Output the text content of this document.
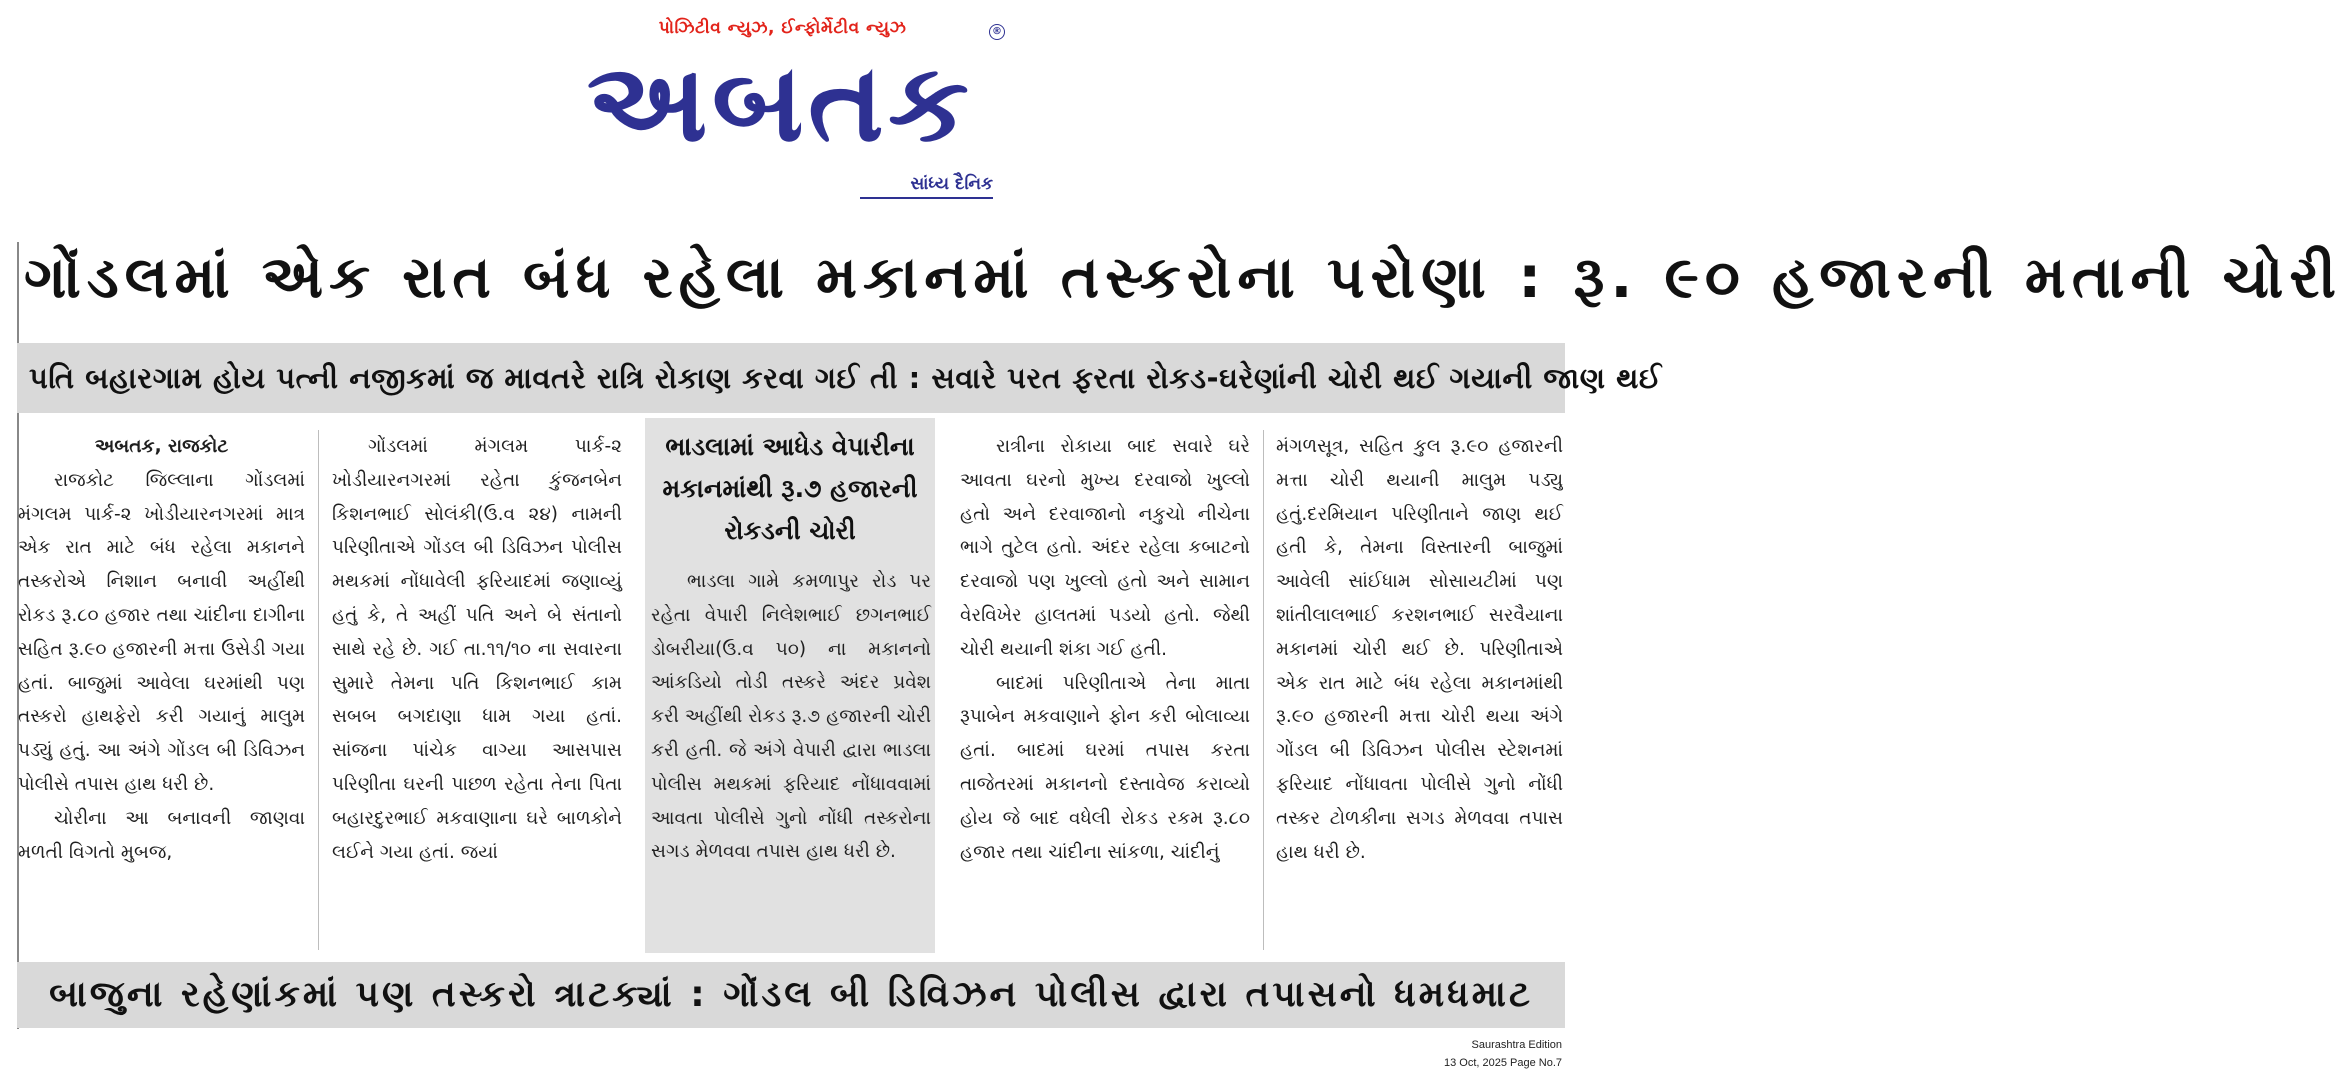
પોઝિટીવ ન્યુઝ, ઈન્ફોર્મેટીવ ન્યુઝ
અબતક
®
સાંધ્ય દૈનિક
ગોંડલમાં એક રાત બંધ રહેલા મકાનમાં તસ્કરોના પરોણા : રૂ. ૯૦ હજારની મતાની ચોરી
પતિ બહારગામ હોય પત્ની નજીકમાં જ માવતરે રાત્રિ રોકાણ કરવા ગઈ તી : સવારે પરત ફરતા રોકડ-ઘરેણાંની ચોરી થઈ ગયાની જાણ થઈ

અબતક, રાજકોટ

રાજકોટ જિલ્લાના ગોંડલમાં મંગલમ પાર્ક-૨ ખોડીયારનગરમાં માત્ર એક રાત માટે બંધ રહેલા મકાનને તસ્કરોએ નિશાન બનાવી અહીંથી રોકડ રૂ.૮૦ હજાર તથા ચાંદીના દાગીના સહિત રૂ.૯૦ હજારની મત્તા ઉસેડી ગયા હતાં. બાજુમાં આવેલા ઘરમાંથી પણ તસ્કરો હાથફેરો કરી ગયાનું માલુમ પડ્યું હતું. આ અંગે ગોંડલ બી ડિવિઝન પોલીસે તપાસ હાથ ધરી છે.

ચોરીના આ બનાવની જાણવા મળતી વિગતો મુબજ,

ગોંડલમાં મંગલમ પાર્ક-૨ ખોડીયારનગરમાં રહેતા કુંજનબેન કિશનભાઈ સોલંકી(ઉ.વ ૨૪) નામની પરિણીતાએ ગોંડલ બી ડિવિઝન પોલીસ મથકમાં નોંધાવેલી ફરિયાદમાં જણાવ્યું હતું કે, તે અહીં પતિ અને બે સંતાનો સાથે રહે છે. ગઈ તા.૧૧/૧૦ ના સવારના સુમારે તેમના પતિ કિશનભાઈ કામ સબબ બગદાણા ધામ ગયા હતાં. સાંજના પાંચેક વાગ્યા આસપાસ પરિણીતા ઘરની પાછળ રહેતા તેના પિતા બહારદુરભાઈ મકવાણાના ઘરે બાળકોને લઈને ગયા હતાં. જયાં

ભાડલામાં આધેડ વેપારીના મકાનમાંથી રૂ.૭ હજારની રોકડની ચોરી

ભાડલા ગામે કમળાપુર રોડ પર રહેતા વેપારી નિલેશભાઈ છગનભાઈ ડોબરીયા(ઉ.વ ૫૦) ના મકાનનો આંકડિયો તોડી તસ્કરે અંદર પ્રવેશ કરી અહીંથી રોકડ રૂ.૭ હજારની ચોરી કરી હતી. જે અંગે વેપારી દ્વારા ભાડલા પોલીસ મથકમાં ફરિયાદ નોંધાવવામાં આવતા પોલીસે ગુનો નોંધી તસ્કરોના સગડ મેળવવા તપાસ હાથ ધરી છે.

રાત્રીના રોકાયા બાદ સવારે ઘરે આવતા ઘરનો મુખ્ય દરવાજો ખુલ્લો હતો અને દરવાજાનો નકુચો નીચેના ભાગે તુટેલ હતો. અંદર રહેલા કબાટનો દરવાજો પણ ખુલ્લો હતો અને સામાન વેરવિખેર હાલતમાં પડયો હતો. જેથી ચોરી થયાની શંકા ગઈ હતી.

બાદમાં પરિણીતાએ તેના માતા રૂપાબેન મકવાણાને ફોન કરી બોલાવ્યા હતાં. બાદમાં ઘરમાં તપાસ કરતા તાજેતરમાં મકાનનો દસ્તાવેજ કરાવ્યો હોય જે બાદ વધેલી રોકડ રકમ રૂ.૮૦ હજાર તથા ચાંદીના સાંકળા, ચાંદીનું

મંગળસૂત્ર, સહિત કુલ રૂ.૯૦ હજારની મત્તા ચોરી થયાની માલુમ પડ્યુ હતું.દરમિયાન પરિણીતાને જાણ થઈ હતી કે, તેમના વિસ્તારની બાજુમાં આવેલી સાંઈધામ સોસાયટીમાં પણ શાંતીલાલભાઈ કરશનભાઈ સરવૈયાના મકાનમાં ચોરી થઈ છે. પરિણીતાએ એક રાત માટે બંધ રહેલા મકાનમાંથી રૂ.૯૦ હજારની મત્તા ચોરી થયા અંગે ગોંડલ બી ડિવિઝન પોલીસ સ્ટેશનમાં ફરિયાદ નોંધાવતા પોલીસે ગુનો નોંધી તસ્કર ટોળકીના સગડ મેળવવા તપાસ હાથ ધરી છે.

બાજુના રહેણાંકમાં પણ તસ્કરો ત્રાટક્યાં : ગોંડલ બી ડિવિઝન પોલીસ દ્વારા તપાસનો ધમધમાટ
Saurashtra Edition
13 Oct, 2025 Page No.7
